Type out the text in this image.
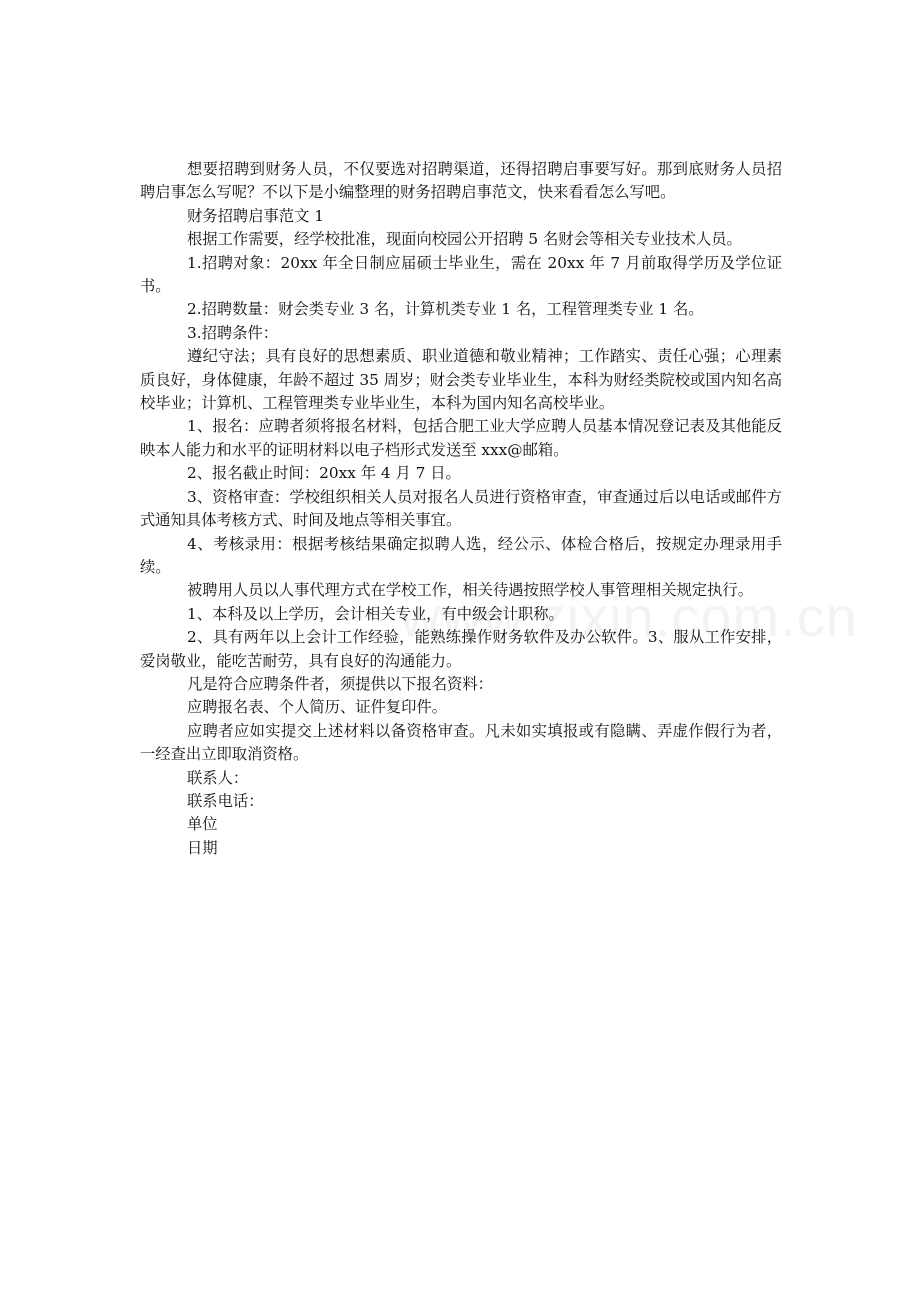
想要招聘到财务人员，不仅要选对招聘渠道，还得招聘启事要写好。那到底财务人员招聘启事怎么写呢？不以下是小编整理的财务招聘启事范文，快来看看怎么写吧。

财务招聘启事范文 1

根据工作需要，经学校批准，现面向校园公开招聘 5 名财会等相关专业技术人员。

1.招聘对象：20xx 年全日制应届硕士毕业生，需在 20xx 年 7 月前取得学历及学位证书。

2.招聘数量：财会类专业 3 名，计算机类专业 1 名，工程管理类专业 1 名。

3.招聘条件：

遵纪守法；具有良好的思想素质、职业道德和敬业精神；工作踏实、责任心强；心理素质良好，身体健康，年龄不超过 35 周岁；财会类专业毕业生，本科为财经类院校或国内知名高校毕业；计算机、工程管理类专业毕业生，本科为国内知名高校毕业。

1、报名：应聘者须将报名材料，包括合肥工业大学应聘人员基本情况登记表及其他能反映本人能力和水平的证明材料以电子档形式发送至 xxx@邮箱。

2、报名截止时间：20xx 年 4 月 7 日。

3、资格审查：学校组织相关人员对报名人员进行资格审查，审查通过后以电话或邮件方式通知具体考核方式、时间及地点等相关事宜。

4、考核录用：根据考核结果确定拟聘人选，经公示、体检合格后，按规定办理录用手续。

被聘用人员以人事代理方式在学校工作，相关待遇按照学校人事管理相关规定执行。

1、本科及以上学历，会计相关专业，有中级会计职称。

2、具有两年以上会计工作经验，能熟练操作财务软件及办公软件。3、服从工作安排，爱岗敬业，能吃苦耐劳，具有良好的沟通能力。

凡是符合应聘条件者，须提供以下报名资料：

应聘报名表、个人简历、证件复印件。

应聘者应如实提交上述材料以备资格审查。凡未如实填报或有隐瞒、弄虚作假行为者，一经查出立即取消资格。

联系人：

联系电话：

单位

日期
